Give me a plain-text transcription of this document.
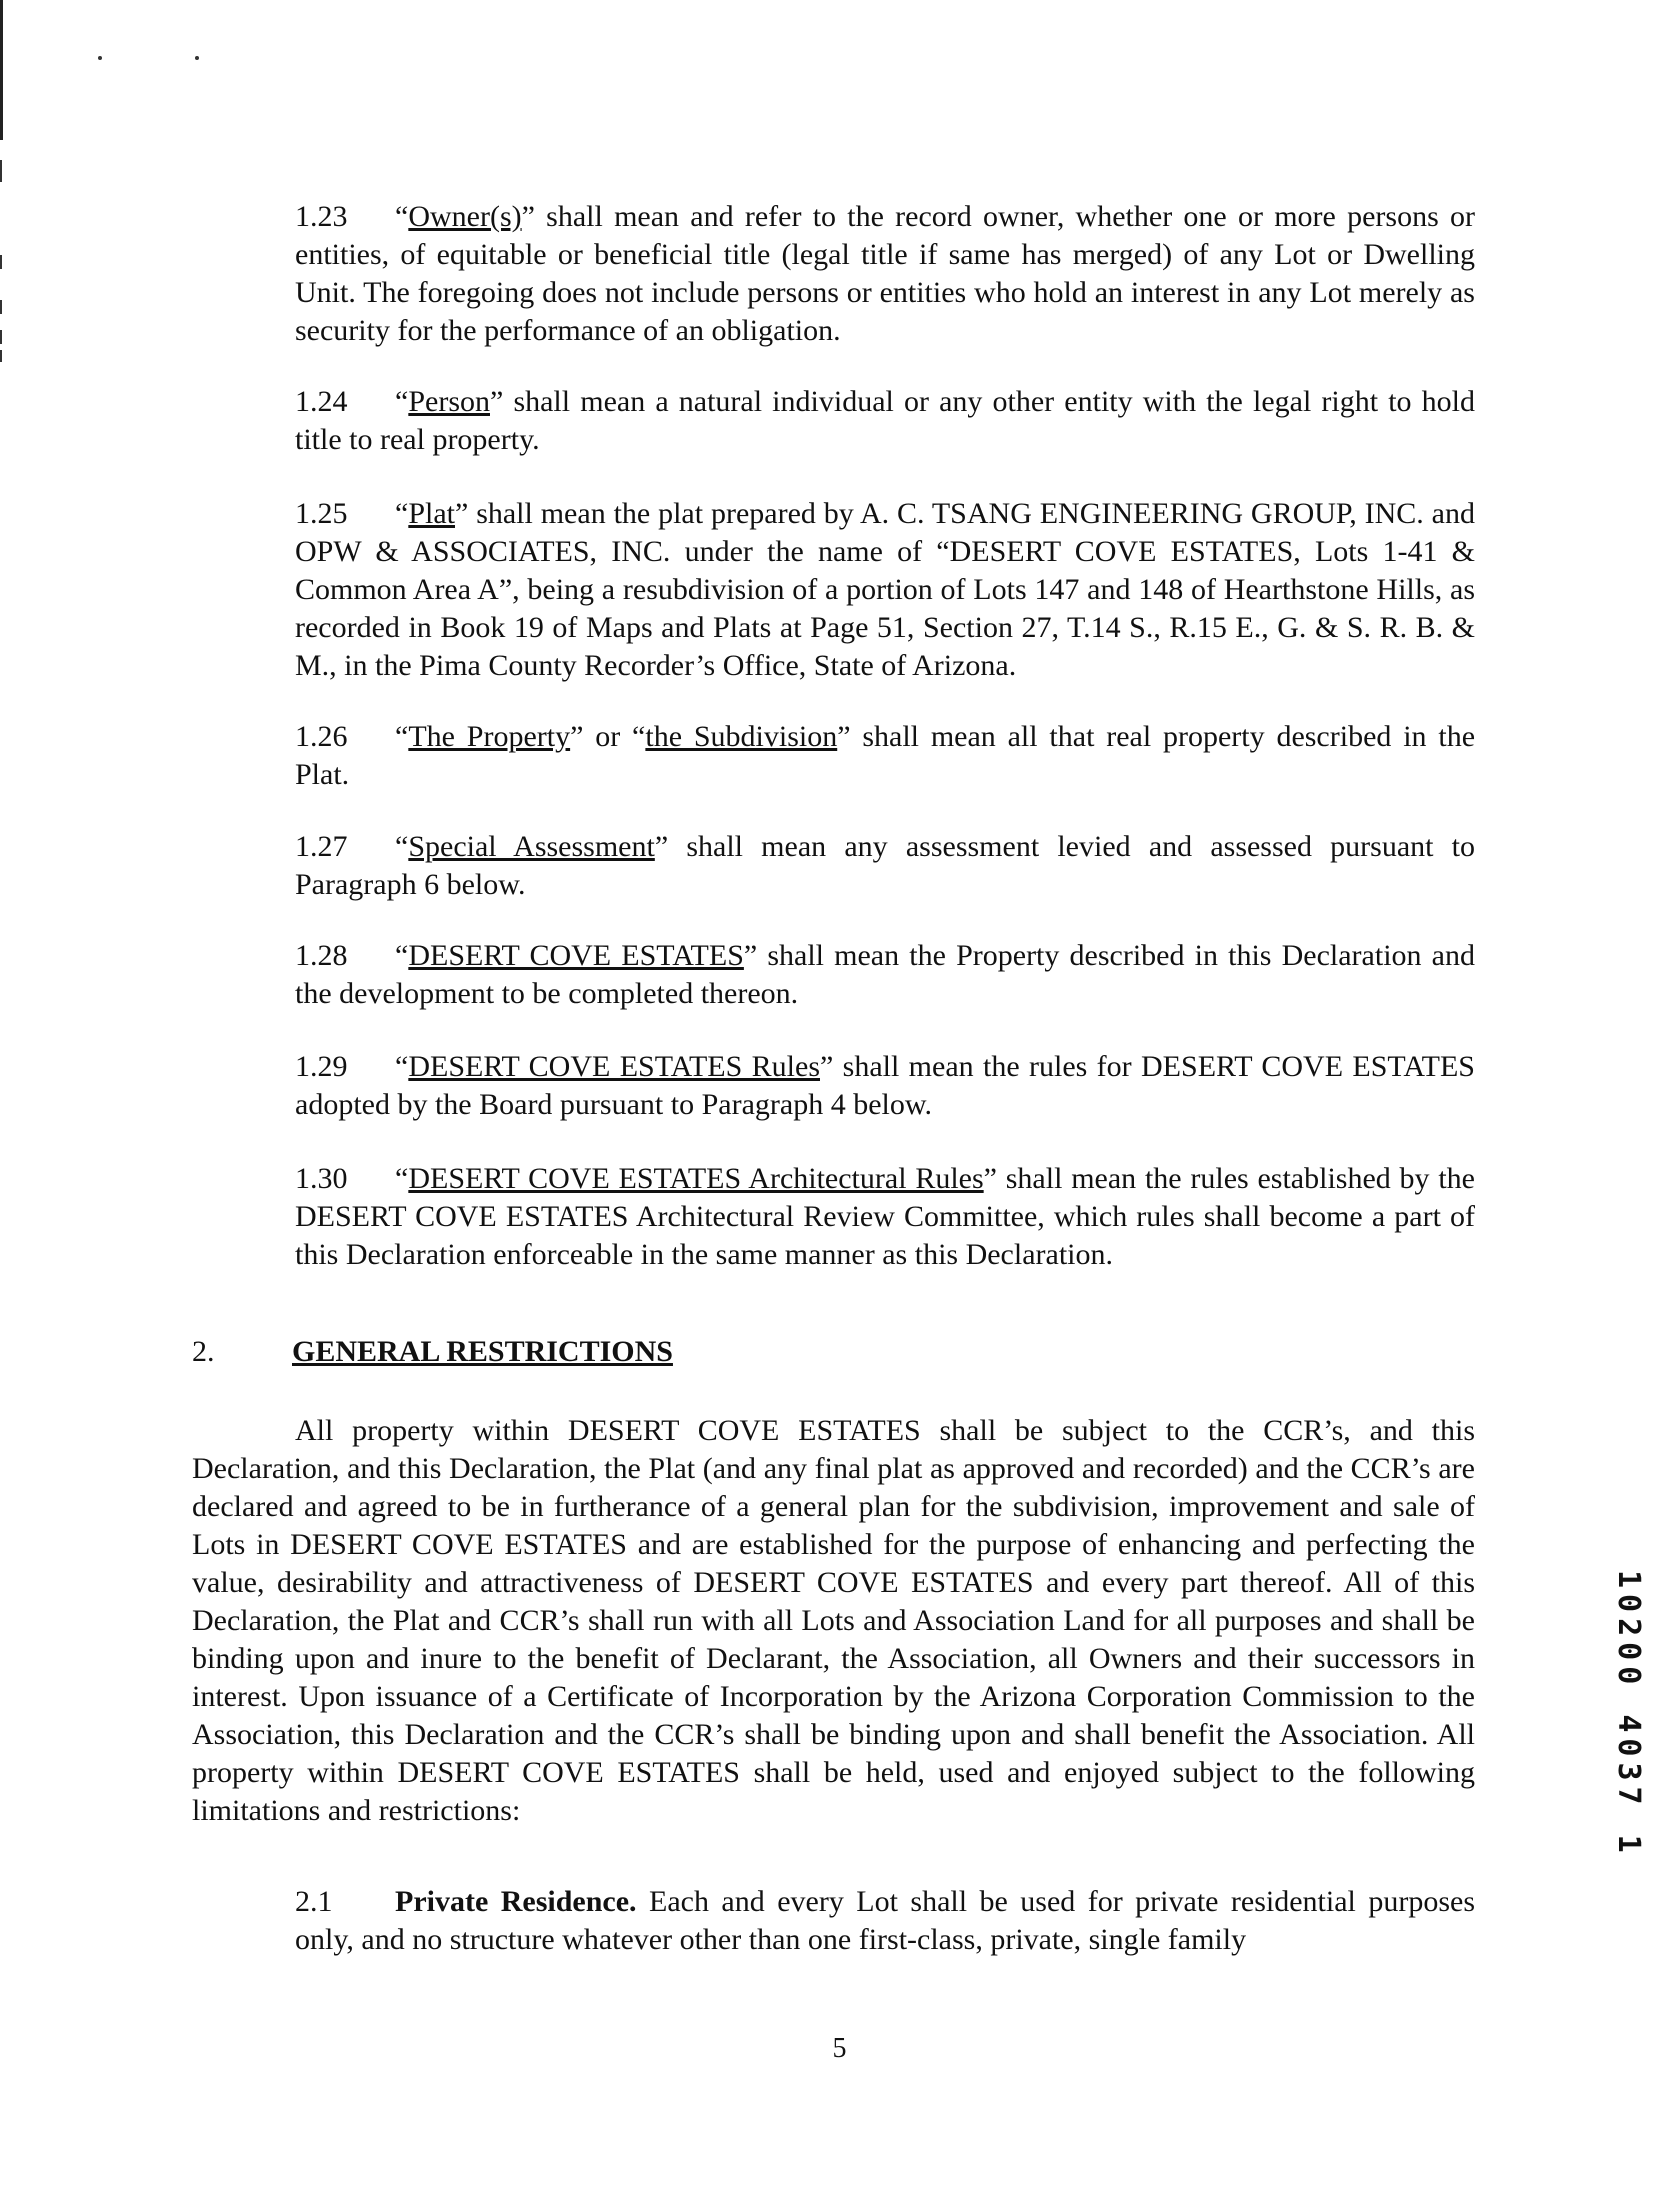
1.23 “Owner(s)” shall mean and refer to the record owner, whether one or more persons or entities, of equitable or beneficial title (legal title if same has merged) of any Lot or Dwelling Unit. The foregoing does not include persons or entities who hold an interest in any Lot merely as security for the performance of an obligation.

1.24 “Person” shall mean a natural individual or any other entity with the legal right to hold title to real property.

1.25 “Plat” shall mean the plat prepared by A. C. TSANG ENGINEERING GROUP, INC. and OPW & ASSOCIATES, INC. under the name of “DESERT COVE ESTATES, Lots 1-41 & Common Area A”, being a resubdivision of a portion of Lots 147 and 148 of Hearthstone Hills, as recorded in Book 19 of Maps and Plats at Page 51, Section 27, T.14 S., R.15 E., G. & S. R. B. & M., in the Pima County Recorder’s Office, State of Arizona.

1.26 “The Property” or “the Subdivision” shall mean all that real property described in the Plat.

1.27 “Special Assessment” shall mean any assessment levied and assessed pursuant to Paragraph 6 below.

1.28 “DESERT COVE ESTATES” shall mean the Property described in this Declaration and the development to be completed thereon.

1.29 “DESERT COVE ESTATES Rules” shall mean the rules for DESERT COVE ESTATES adopted by the Board pursuant to Paragraph 4 below.

1.30 “DESERT COVE ESTATES Architectural Rules” shall mean the rules established by the DESERT COVE ESTATES Architectural Review Committee, which rules shall become a part of this Declaration enforceable in the same manner as this Declaration.

2.	GENERAL RESTRICTIONS

All property within DESERT COVE ESTATES shall be subject to the CCR’s, and this Declaration, and this Declaration, the Plat (and any final plat as approved and recorded) and the CCR’s are declared and agreed to be in furtherance of a general plan for the subdivision, improvement and sale of Lots in DESERT COVE ESTATES and are established for the purpose of enhancing and perfecting the value, desirability and attractiveness of DESERT COVE ESTATES and every part thereof. All of this Declaration, the Plat and CCR’s shall run with all Lots and Association Land for all purposes and shall be binding upon and inure to the benefit of Declarant, the Association, all Owners and their successors in interest. Upon issuance of a Certificate of Incorporation by the Arizona Corporation Commission to the Association, this Declaration and the CCR’s shall be binding upon and shall benefit the Association. All property within DESERT COVE ESTATES shall be held, used and enjoyed subject to the following limitations and restrictions:

2.1 Private Residence. Each and every Lot shall be used for private residential purposes only, and no structure whatever other than one first-class, private, single family

10200 4037 1
5
